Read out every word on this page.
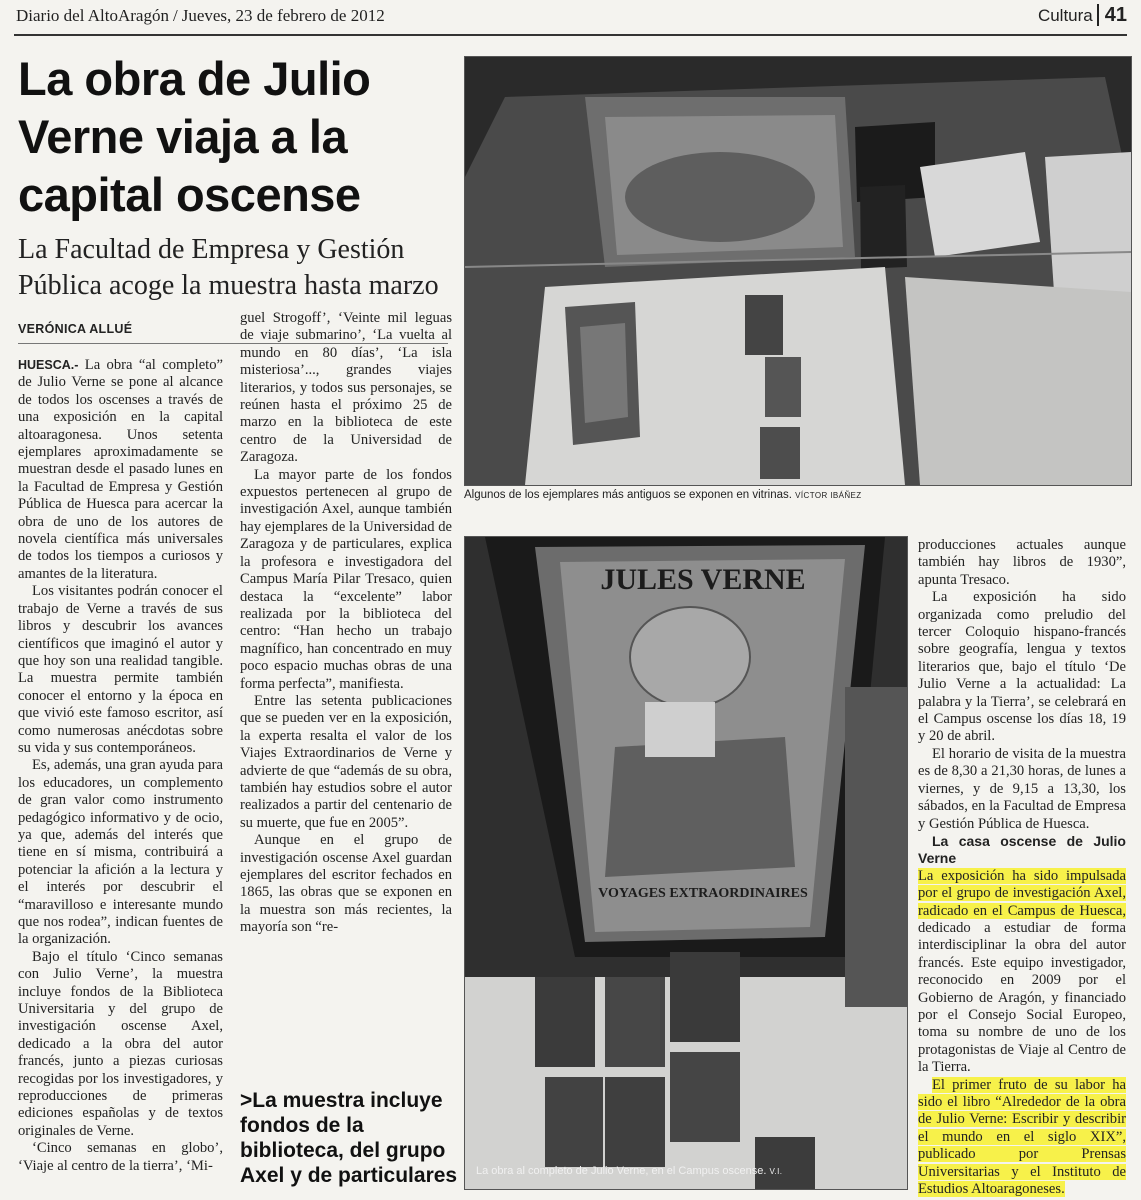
Diario del AltoAragón / Jueves, 23 de febrero de 2012	Cultura 41
La obra de Julio Verne viaja a la capital oscense
La Facultad de Empresa y Gestión Pública acoge la muestra hasta marzo
VERÓNICA ALLUÉ

HUESCA.- La obra “al completo” de Julio Verne se pone al alcance de todos los oscenses a través de una exposición en la capital altoaragonesa. Unos setenta ejemplares aproximadamente se muestran desde el pasado lunes en la Facultad de Empresa y Gestión Pública de Huesca para acercar la obra de uno de los autores de novela científica más universales de todos los tiempos a curiosos y amantes de la literatura.

Los visitantes podrán conocer el trabajo de Verne a través de sus libros y descubrir los avances científicos que imaginó el autor y que hoy son una realidad tangible. La muestra permite también conocer el entorno y la época en que vivió este famoso escritor, así como numerosas anécdotas sobre su vida y sus contemporáneos.

Es, además, una gran ayuda para los educadores, un complemento de gran valor como instrumento pedagógico informativo y de ocio, ya que, además del interés que tiene en sí misma, contribuirá a potenciar la afición a la lectura y el interés por descubrir el “maravilloso e interesante mundo que nos rodea”, indican fuentes de la organización.

Bajo el título ‘Cinco semanas con Julio Verne’, la muestra incluye fondos de la Biblioteca Universitaria y del grupo de investigación oscense Axel, dedicado a la obra del autor francés, junto a piezas curiosas recogidas por los investigadores, y reproducciones de primeras ediciones españolas y de textos originales de Verne.

‘Cinco semanas en globo’, ‘Viaje al centro de la tierra’, ‘Mi-

guel Strogoff’, ‘Veinte mil leguas de viaje submarino’, ‘La vuelta al mundo en 80 días’, ‘La isla misteriosa’..., grandes viajes literarios, y todos sus personajes, se reúnen hasta el próximo 25 de marzo en la biblioteca de este centro de la Universidad de Zaragoza.

La mayor parte de los fondos expuestos pertenecen al grupo de investigación Axel, aunque también hay ejemplares de la Universidad de Zaragoza y de particulares, explica la profesora e investigadora del Campus María Pilar Tresaco, quien destaca la “excelente” labor realizada por la biblioteca del centro: “Han hecho un trabajo magnífico, han concentrado en muy poco espacio muchas obras de una forma perfecta”, manifiesta.

Entre las setenta publicaciones que se pueden ver en la exposición, la experta resalta el valor de los Viajes Extraordinarios de Verne y advierte de que “además de su obra, también hay estudios sobre el autor realizados a partir del centenario de su muerte, que fue en 2005”.

Aunque en el grupo de investigación oscense Axel guardan ejemplares del escritor fechados en 1865, las obras que se exponen en la muestra son más recientes, la mayoría son “re-

>La muestra incluye fondos de la biblioteca, del grupo Axel y de particulares
Algunos de los ejemplares más antiguos se exponen en vitrinas. VÍCTOR IBÁÑEZ
JULES VERNE
VOYAGES EXTRAORDINAIRES
La obra al completo de Julio Verne, en el Campus oscense. V.I.

producciones actuales aunque también hay libros de 1930”, apunta Tresaco.

La exposición ha sido organizada como preludio del tercer Coloquio hispano-francés sobre geografía, lengua y textos literarios que, bajo el título ‘De Julio Verne a la actualidad: La palabra y la Tierra’, se celebrará en el Campus oscense los días 18, 19 y 20 de abril.

El horario de visita de la muestra es de 8,30 a 21,30 horas, de lunes a viernes, y de 9,15 a 13,30, los sábados, en la Facultad de Empresa y Gestión Pública de Huesca.

La casa oscense de Julio Verne

La exposición ha sido impulsada por el grupo de investigación Axel, radicado en el Campus de Huesca, dedicado a estudiar de forma interdisciplinar la obra del autor francés. Este equipo investigador, reconocido en 2009 por el Gobierno de Aragón, y financiado por el Consejo Social Europeo, toma su nombre de uno de los protagonistas de Viaje al Centro de la Tierra.

El primer fruto de su labor ha sido el libro “Alrededor de la obra de Julio Verne: Escribir y describir el mundo en el siglo XIX”, publicado por Prensas Universitarias y el Instituto de Estudios Altoaragoneses.
